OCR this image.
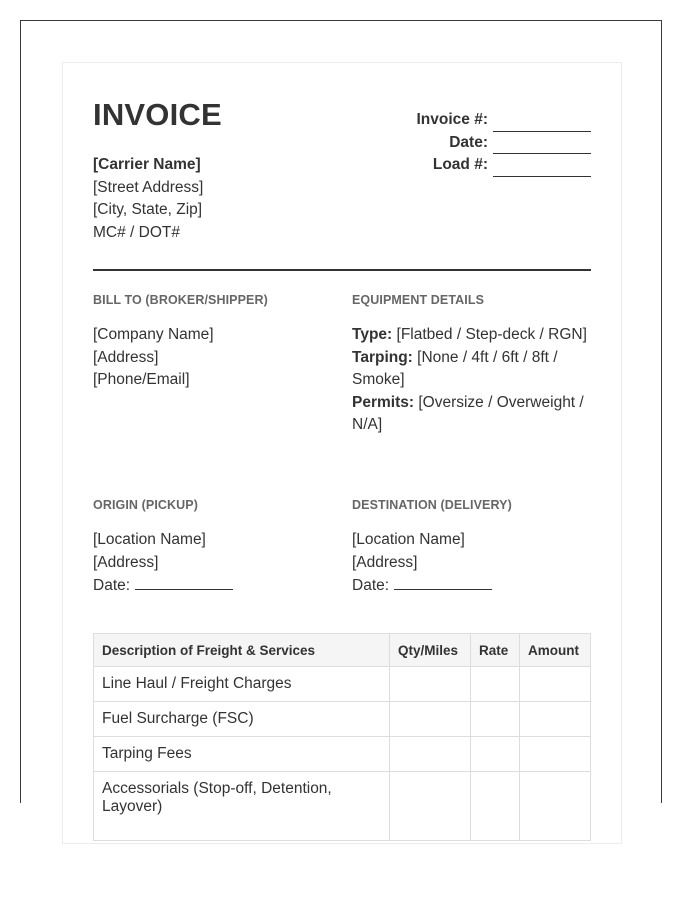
INVOICE
[Carrier Name]
[Street Address]
[City, State, Zip]
MC# / DOT#
Invoice #:
Date:
Load #:
BILL TO (BROKER/SHIPPER)
[Company Name]
[Address]
[Phone/Email]
EQUIPMENT DETAILS
Type: [Flatbed / Step-deck / RGN]
Tarping: [None / 4ft / 6ft / 8ft / Smoke]
Permits: [Oversize / Overweight / N/A]
ORIGIN (PICKUP)
[Location Name]
[Address]
Date:
DESTINATION (DELIVERY)
[Location Name]
[Address]
Date:
Description of Freight & Services	Qty/Miles	Rate	Amount
Line Haul / Freight Charges			
Fuel Surcharge (FSC)			
Tarping Fees			
Accessorials (Stop-off, Detention, Layover)			
